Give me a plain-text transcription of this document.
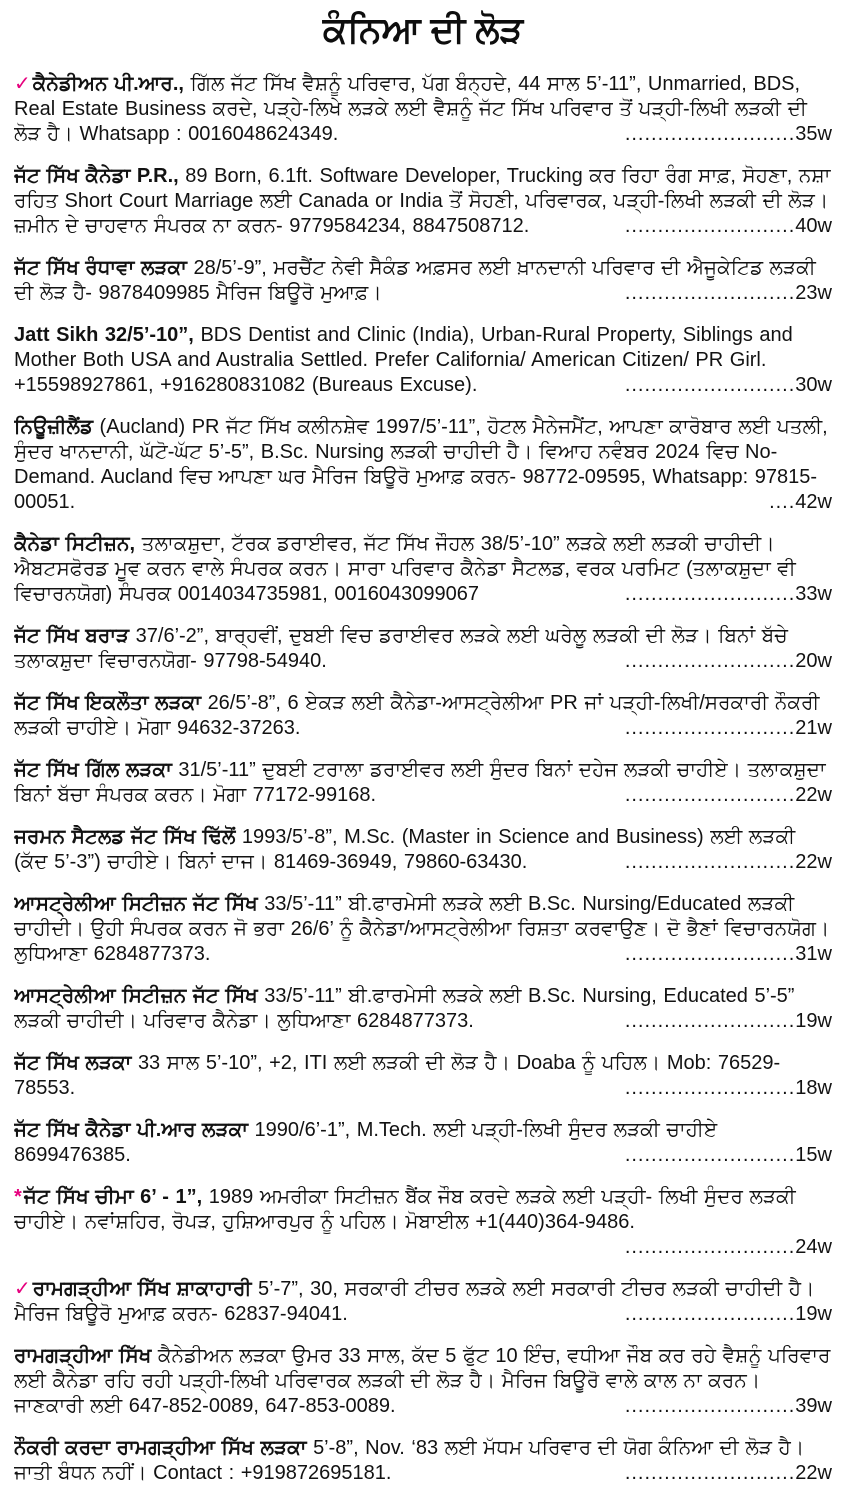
ਕੰਨਿਆ ਦੀ ਲੋੜ

✓ ਕੈਨੇਡੀਅਨ ਪੀ.ਆਰ., ਗਿੱਲ ਜੱਟ ਸਿੱਖ ਵੈਸ਼ਨੂੰ ਪਰਿਵਾਰ, ਪੱਗ ਬੰਨ੍ਹਦੇ, 44 ਸਾਲ 5’-11”, Unmarried, BDS, Real Estate Business ਕਰਦੇ, ਪੜ੍ਹੇ-ਲਿਖੇ ਲੜਕੇ ਲਈ ਵੈਸ਼ਨੂੰ ਜੱਟ ਸਿੱਖ ਪਰਿਵਾਰ ਤੋਂ ਪੜ੍ਹੀ-ਲਿਖੀ ਲੜਕੀ ਦੀ ਲੋੜ ਹੈ। Whatsapp : 0016048624349.	..........................35w

ਜੱਟ ਸਿੱਖ ਕੈਨੇਡਾ P.R., 89 Born, 6.1ft. Software Developer, Trucking ਕਰ ਰਿਹਾ ਰੰਗ ਸਾਫ਼, ਸੋਹਣਾ, ਨਸ਼ਾ ਰਹਿਤ Short Court Marriage ਲਈ Canada or India ਤੋਂ ਸੋਹਣੀ, ਪਰਿਵਾਰਕ, ਪੜ੍ਹੀ-ਲਿਖੀ ਲੜਕੀ ਦੀ ਲੋੜ। ਜ਼ਮੀਨ ਦੇ ਚਾਹਵਾਨ ਸੰਪਰਕ ਨਾ ਕਰਨ- 9779584234, 8847508712.	..........................40w

ਜੱਟ ਸਿੱਖ ਰੰਧਾਵਾ ਲੜਕਾ 28/5’-9”, ਮਰਚੈਂਟ ਨੇਵੀ ਸੈਕੰਡ ਅਫ਼ਸਰ ਲਈ ਖ਼ਾਨਦਾਨੀ ਪਰਿਵਾਰ ਦੀ ਐਜੂਕੇਟਿਡ ਲੜਕੀ ਦੀ ਲੋੜ ਹੈ- 9878409985 ਮੈਰਿਜ ਬਿਊਰੋ ਮੁਆਫ਼।	..........................23w

Jatt Sikh 32/5’-10”, BDS Dentist and Clinic (India), Urban-Rural Property, Siblings and Mother Both USA and Australia Settled. Prefer California/ American Citizen/ PR Girl. +15598927861, +916280831082 (Bureaus Excuse).	..........................30w

ਨਿਊਜ਼ੀਲੈਂਡ (Aucland) PR ਜੱਟ ਸਿੱਖ ਕਲੀਨਸ਼ੇਵ 1997/5’-11”, ਹੋਟਲ ਮੈਨੇਜਮੈਂਟ, ਆਪਣਾ ਕਾਰੋਬਾਰ ਲਈ ਪਤਲੀ, ਸੁੰਦਰ ਖਾਨਦਾਨੀ, ਘੱਟੋ-ਘੱਟ 5’-5”, B.Sc. Nursing ਲੜਕੀ ਚਾਹੀਦੀ ਹੈ। ਵਿਆਹ ਨਵੰਬਰ 2024 ਵਿਚ No-Demand. Aucland ਵਿਚ ਆਪਣਾ ਘਰ ਮੈਰਿਜ ਬਿਊਰੋ ਮੁਆਫ਼ ਕਰਨ- 98772-09595, Whatsapp: 97815-00051.	....42w

ਕੈਨੇਡਾ ਸਿਟੀਜ਼ਨ, ਤਲਾਕਸ਼ੁਦਾ, ਟੱਰਕ ਡਰਾਈਵਰ, ਜੱਟ ਸਿੱਖ ਜੌਹਲ 38/5’-10” ਲੜਕੇ ਲਈ ਲੜਕੀ ਚਾਹੀਦੀ। ਐਬਟਸਫੋਰਡ ਮੂਵ ਕਰਨ ਵਾਲੇ ਸੰਪਰਕ ਕਰਨ। ਸਾਰਾ ਪਰਿਵਾਰ ਕੈਨੇਡਾ ਸੈਟਲਡ, ਵਰਕ ਪਰਮਿਟ (ਤਲਾਕਸ਼ੁਦਾ ਵੀ ਵਿਚਾਰਨਯੋਗ) ਸੰਪਰਕ 0014034735981, 0016043099067	..........................33w

ਜੱਟ ਸਿੱਖ ਬਰਾੜ 37/6’-2”, ਬਾਰ੍ਹਵੀਂ, ਦੁਬਈ ਵਿਚ ਡਰਾਈਵਰ ਲੜਕੇ ਲਈ ਘਰੇਲੂ ਲੜਕੀ ਦੀ ਲੋੜ। ਬਿਨਾਂ ਬੱਚੇ ਤਲਾਕਸ਼ੁਦਾ ਵਿਚਾਰਨਯੋਗ- 97798-54940.	..........................20w

ਜੱਟ ਸਿੱਖ ਇਕਲੌਤਾ ਲੜਕਾ 26/5’-8”, 6 ਏਕੜ ਲਈ ਕੈਨੇਡਾ-ਆਸਟ੍ਰੇਲੀਆ PR ਜਾਂ ਪੜ੍ਹੀ-ਲਿਖੀ/ਸਰਕਾਰੀ ਨੌਕਰੀ ਲੜਕੀ ਚਾਹੀਏ। ਮੋਗਾ 94632-37263.	..........................21w

ਜੱਟ ਸਿੱਖ ਗਿੱਲ ਲੜਕਾ 31/5’-11” ਦੁਬਈ ਟਰਾਲਾ ਡਰਾਈਵਰ ਲਈ ਸੁੰਦਰ ਬਿਨਾਂ ਦਹੇਜ ਲੜਕੀ ਚਾਹੀਏ। ਤਲਾਕਸ਼ੁਦਾ ਬਿਨਾਂ ਬੱਚਾ ਸੰਪਰਕ ਕਰਨ। ਮੋਗਾ 77172-99168.	..........................22w

ਜਰਮਨ ਸੈਟਲਡ ਜੱਟ ਸਿੱਖ ਢਿੱਲੋਂ 1993/5’-8”, M.Sc. (Master in Science and Business) ਲਈ ਲੜਕੀ (ਕੱਦ 5’-3”) ਚਾਹੀਏ। ਬਿਨਾਂ ਦਾਜ। 81469-36949, 79860-63430.	..........................22w

ਆਸਟ੍ਰੇਲੀਆ ਸਿਟੀਜ਼ਨ ਜੱਟ ਸਿੱਖ 33/5’-11” ਬੀ.ਫਾਰਮੇਸੀ ਲੜਕੇ ਲਈ B.Sc. Nursing/Educated ਲੜਕੀ ਚਾਹੀਦੀ। ਉਹੀ ਸੰਪਰਕ ਕਰਨ ਜੋ ਭਰਾ 26/6’ ਨੂੰ ਕੈਨੇਡਾ/ਆਸਟ੍ਰੇਲੀਆ ਰਿਸ਼ਤਾ ਕਰਵਾਉਣ। ਦੋ ਭੈਣਾਂ ਵਿਚਾਰਨਯੋਗ। ਲੁਧਿਆਣਾ 6284877373.	..........................31w

ਆਸਟ੍ਰੇਲੀਆ ਸਿਟੀਜ਼ਨ ਜੱਟ ਸਿੱਖ 33/5’-11” ਬੀ.ਫਾਰਮੇਸੀ ਲੜਕੇ ਲਈ B.Sc. Nursing, Educated 5’-5” ਲੜਕੀ ਚਾਹੀਦੀ। ਪਰਿਵਾਰ ਕੈਨੇਡਾ। ਲੁਧਿਆਣਾ 6284877373.	..........................19w

ਜੱਟ ਸਿੱਖ ਲੜਕਾ 33 ਸਾਲ 5’-10”, +2, ITI ਲਈ ਲੜਕੀ ਦੀ ਲੋੜ ਹੈ। Doaba ਨੂੰ ਪਹਿਲ। Mob: 76529-78553.	..........................18w

ਜੱਟ ਸਿੱਖ ਕੈਨੇਡਾ ਪੀ.ਆਰ ਲੜਕਾ 1990/6’-1”, M.Tech. ਲਈ ਪੜ੍ਹੀ-ਲਿਖੀ ਸੁੰਦਰ ਲੜਕੀ ਚਾਹੀਏ 8699476385.	..........................15w

* ਜੱਟ ਸਿੱਖ ਚੀਮਾ 6’ - 1”, 1989 ਅਮਰੀਕਾ ਸਿਟੀਜ਼ਨ ਬੈਂਕ ਜੌਬ ਕਰਦੇ ਲੜਕੇ ਲਈ ਪੜ੍ਹੀ- ਲਿਖੀ ਸੁੰਦਰ ਲੜਕੀ ਚਾਹੀਏ। ਨਵਾਂਸ਼ਹਿਰ, ਰੋਪੜ, ਹੁਸ਼ਿਆਰਪੁਰ ਨੂੰ ਪਹਿਲ। ਮੋਬਾਈਲ +1(440)364-9486.
..........................24w

✓ ਰਾਮਗੜ੍ਹੀਆ ਸਿੱਖ ਸ਼ਾਕਾਹਾਰੀ 5’-7”, 30, ਸਰਕਾਰੀ ਟੀਚਰ ਲੜਕੇ ਲਈ ਸਰਕਾਰੀ ਟੀਚਰ ਲੜਕੀ ਚਾਹੀਦੀ ਹੈ। ਮੈਰਿਜ ਬਿਊਰੋ ਮੁਆਫ਼ ਕਰਨ- 62837-94041.	..........................19w

ਰਾਮਗੜ੍ਹੀਆ ਸਿੱਖ ਕੈਨੇਡੀਅਨ ਲੜਕਾ ਉਮਰ 33 ਸਾਲ, ਕੱਦ 5 ਫੁੱਟ 10 ਇੰਚ, ਵਧੀਆ ਜੌਬ ਕਰ ਰਹੇ ਵੈਸ਼ਨੂੰ ਪਰਿਵਾਰ ਲਈ ਕੈਨੇਡਾ ਰਹਿ ਰਹੀ ਪੜ੍ਹੀ-ਲਿਖੀ ਪਰਿਵਾਰਕ ਲੜਕੀ ਦੀ ਲੋੜ ਹੈ। ਮੈਰਿਜ ਬਿਊਰੋ ਵਾਲੇ ਕਾਲ ਨਾ ਕਰਨ। ਜਾਣਕਾਰੀ ਲਈ 647-852-0089, 647-853-0089.	..........................39w

ਨੌਕਰੀ ਕਰਦਾ ਰਾਮਗੜ੍ਹੀਆ ਸਿੱਖ ਲੜਕਾ 5’-8”, Nov. ‘83 ਲਈ ਮੱਧਮ ਪਰਿਵਾਰ ਦੀ ਯੋਗ ਕੰਨਿਆ ਦੀ ਲੋੜ ਹੈ। ਜਾਤੀ ਬੰਧਨ ਨਹੀਂ। Contact : +919872695181.	..........................22w
